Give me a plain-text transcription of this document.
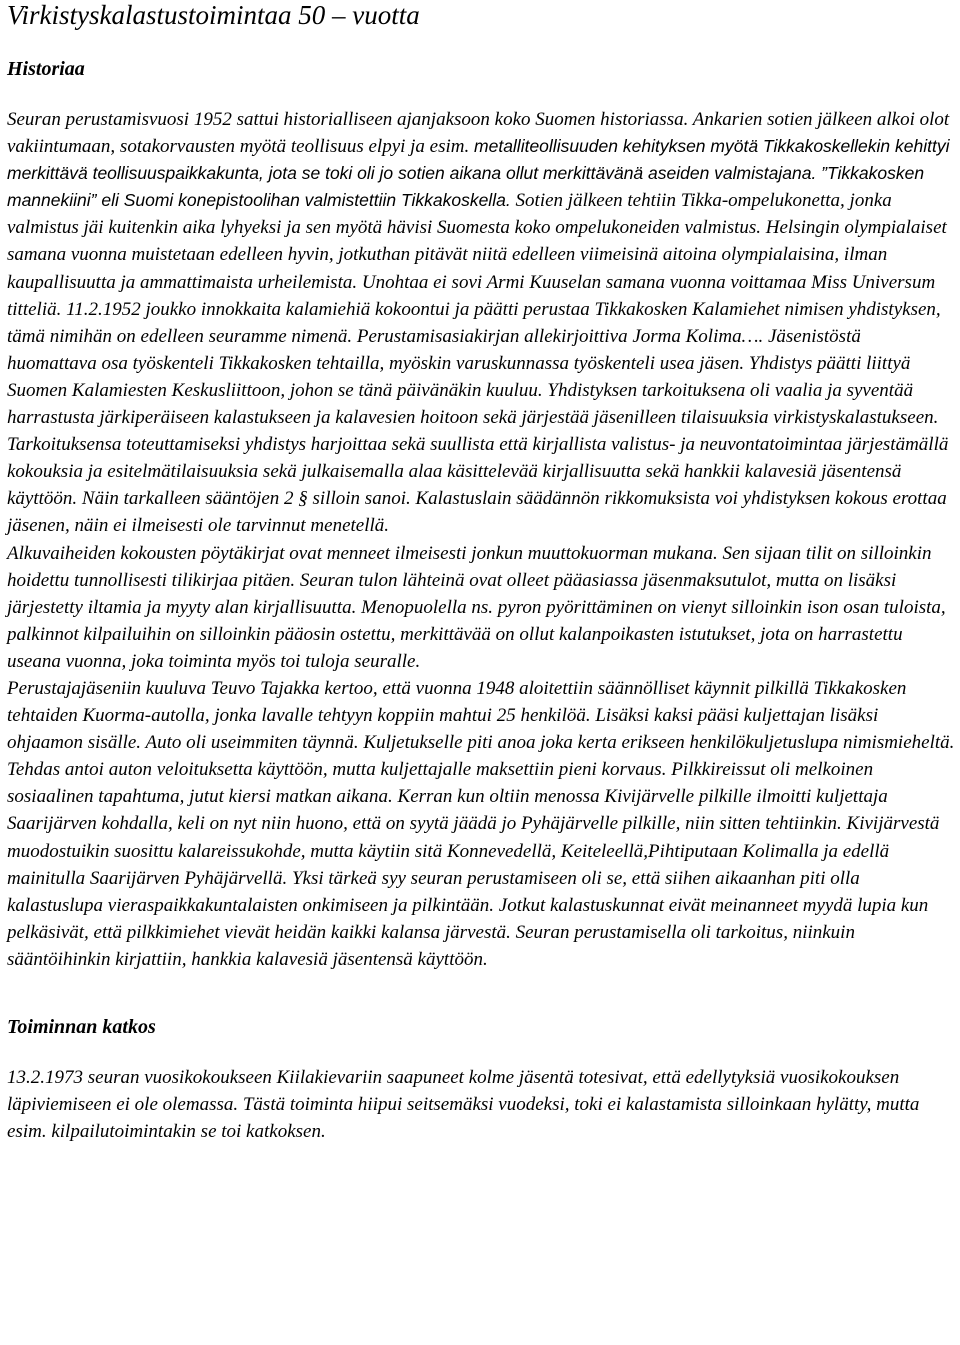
Virkistyskalastustoimintaa 50 – vuotta
Historiaa

Seuran perustamisvuosi 1952 sattui historialliseen ajanjaksoon koko Suomen historiassa. Ankarien sotien jälkeen alkoi olot vakiintumaan, sotakorvausten myötä teollisuus elpyi ja esim. metalliteollisuuden kehityksen myötä Tikkakoskellekin kehittyi merkittävä teollisuuspaikkakunta, jota se toki oli jo sotien aikana ollut merkittävänä aseiden valmistajana. ”Tikkakosken mannekiini” eli Suomi konepistoolihan valmistettiin Tikkakoskella. Sotien jälkeen tehtiin Tikka-ompelukonetta, jonka valmistus jäi kuitenkin aika lyhyeksi ja sen myötä hävisi Suomesta koko ompelukoneiden valmistus. Helsingin olympialaiset samana vuonna muistetaan edelleen hyvin, jotkuthan pitävät niitä edelleen viimeisinä aitoina olympialaisina, ilman kaupallisuutta ja ammattimaista urheilemista. Unohtaa ei sovi Armi Kuuselan samana vuonna voittamaa Miss Universum titteliä. 11.2.1952 joukko innokkaita kalamiehiä kokoontui ja päätti perustaa Tikkakosken Kalamiehet nimisen yhdistyksen, tämä nimihän on edelleen seuramme nimenä. Perustamisasiakirjan allekirjoittiva Jorma Kolima…. Jäsenistöstä huomattava osa työskenteli Tikkakosken tehtailla, myöskin varuskunnassa työskenteli usea jäsen. Yhdistys päätti liittyä Suomen Kalamiesten Keskusliittoon, johon se tänä päivänäkin kuuluu. Yhdistyksen tarkoituksena oli vaalia ja syventää harrastusta järkiperäiseen kalastukseen ja kalavesien hoitoon sekä järjestää jäsenilleen tilaisuuksia virkistyskalastukseen. Tarkoituksensa toteuttamiseksi yhdistys harjoittaa sekä suullista että kirjallista valistus- ja neuvontatoimintaa järjestämällä kokouksia ja esitelmätilaisuuksia sekä julkaisemalla alaa käsittelevää kirjallisuutta sekä hankkii kalavesiä jäsentensä käyttöön. Näin tarkalleen sääntöjen 2 § silloin sanoi. Kalastuslain säädännön rikkomuksista voi yhdistyksen kokous erottaa jäsenen, näin ei ilmeisesti ole tarvinnut menetellä.

Alkuvaiheiden kokousten pöytäkirjat ovat menneet ilmeisesti jonkun muuttokuorman mukana. Sen sijaan tilit on silloinkin hoidettu tunnollisesti tilikirjaa pitäen. Seuran tulon lähteinä ovat olleet pääasiassa jäsenmaksutulot, mutta on lisäksi järjestetty iltamia ja myyty alan kirjallisuutta. Menopuolella ns. pyron pyörittäminen on vienyt silloinkin ison osan tuloista, palkinnot kilpailuihin on silloinkin pääosin ostettu, merkittävää on ollut kalanpoikasten istutukset, jota on harrastettu useana vuonna, joka toiminta myös toi tuloja seuralle.

Perustajajäseniin kuuluva Teuvo Tajakka kertoo, että vuonna 1948 aloitettiin säännölliset käynnit pilkillä Tikkakosken tehtaiden Kuorma-autolla, jonka lavalle tehtyyn koppiin mahtui 25 henkilöä. Lisäksi kaksi pääsi kuljettajan lisäksi ohjaamon sisälle. Auto oli useimmiten täynnä. Kuljetukselle piti anoa joka kerta erikseen henkilökuljetuslupa nimismieheltä. Tehdas antoi auton veloituksetta käyttöön, mutta kuljettajalle maksettiin pieni korvaus. Pilkkireissut oli melkoinen sosiaalinen tapahtuma, jutut kiersi matkan aikana. Kerran kun oltiin menossa Kivijärvelle pilkille ilmoitti kuljettaja Saarijärven kohdalla, keli on nyt niin huono, että on syytä jäädä jo Pyhäjärvelle pilkille, niin sitten tehtiinkin. Kivijärvestä muodostuikin suosittu kalareissukohde, mutta käytiin sitä Konnevedellä, Keiteleellä,Pihtiputaan Kolimalla ja edellä mainitulla Saarijärven Pyhäjärvellä. Yksi tärkeä syy seuran perustamiseen oli se, että siihen aikaanhan piti olla kalastuslupa vieraspaikkakuntalaisten onkimiseen ja pilkintään. Jotkut kalastuskunnat eivät meinanneet myydä lupia kun pelkäsivät, että pilkkimiehet vievät heidän kaikki kalansa järvestä. Seuran perustamisella oli tarkoitus, niinkuin sääntöihinkin kirjattiin, hankkia kalavesiä jäsentensä käyttöön.

Toiminnan katkos

13.2.1973 seuran vuosikokoukseen Kiilakievariin saapuneet kolme jäsentä totesivat, että edellytyksiä vuosikokouksen läpiviemiseen ei ole olemassa. Tästä toiminta hiipui seitsemäksi vuodeksi, toki ei kalastamista silloinkaan hylätty, mutta esim. kilpailutoimintakin se toi katkoksen.
